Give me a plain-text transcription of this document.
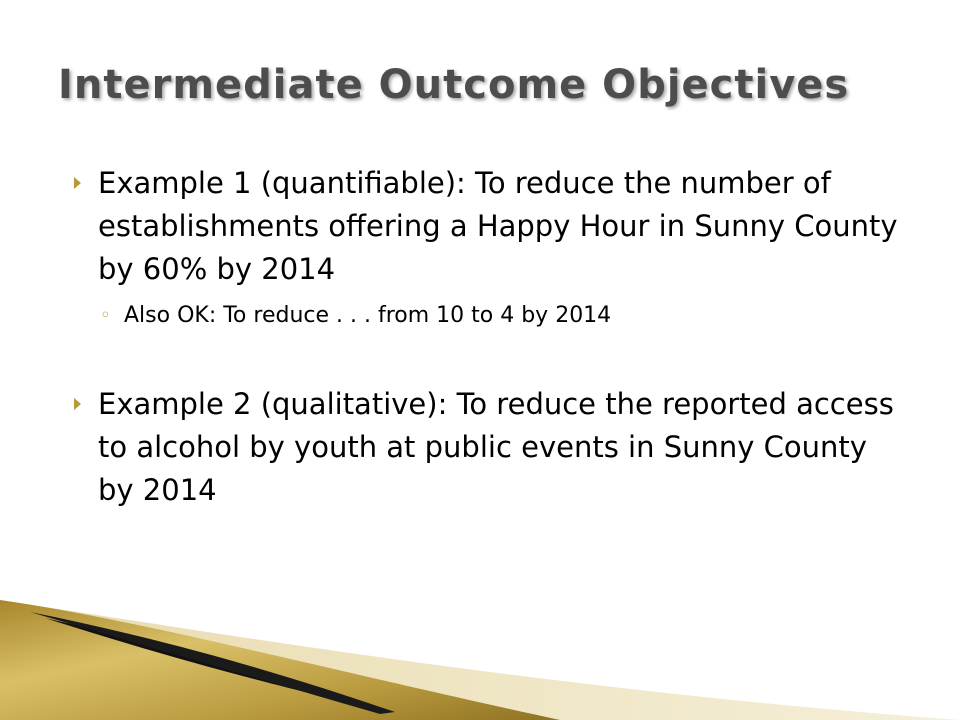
Intermediate Outcome Objectives
Example 1 (quantifiable): To reduce the number of establishments offering a Happy Hour in Sunny County by 60% by 2014
◦ Also OK: To reduce . . . from 10 to 4 by 2014
Example 2 (qualitative): To reduce the reported access to alcohol by youth at public events in Sunny County by 2014
